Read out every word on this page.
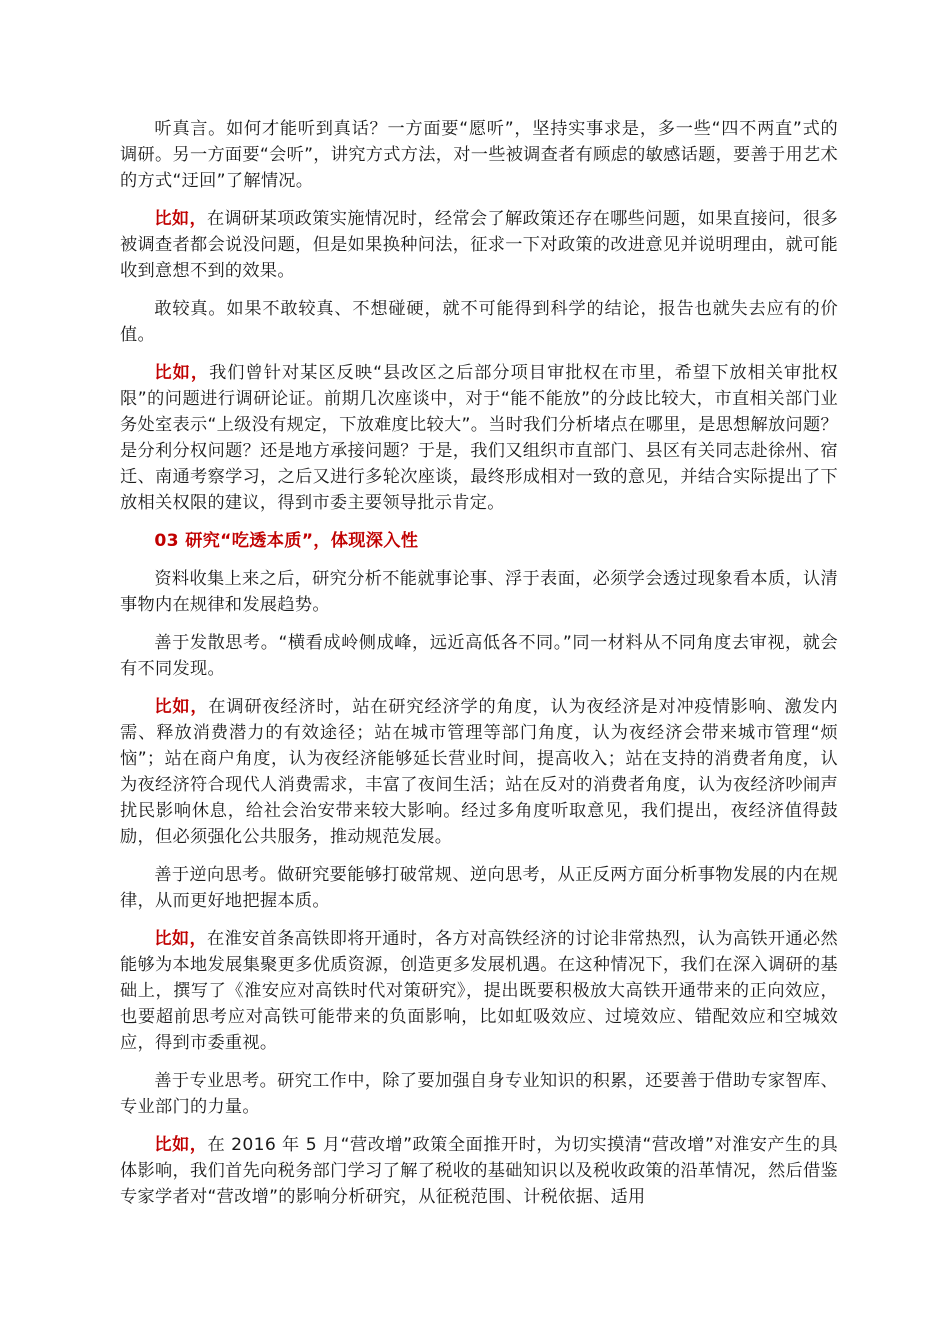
听真言。如何才能听到真话？一方面要“愿听”，坚持实事求是，多一些“四不两直”式的调研。另一方面要“会听”，讲究方式方法，对一些被调查者有顾虑的敏感话题，要善于用艺术的方式“迂回”了解情况。

比如，在调研某项政策实施情况时，经常会了解政策还存在哪些问题，如果直接问，很多被调查者都会说没问题，但是如果换种问法，征求一下对政策的改进意见并说明理由，就可能收到意想不到的效果。

敢较真。如果不敢较真、不想碰硬，就不可能得到科学的结论，报告也就失去应有的价值。

比如，我们曾针对某区反映“县改区之后部分项目审批权在市里，希望下放相关审批权限”的问题进行调研论证。前期几次座谈中，对于“能不能放”的分歧比较大，市直相关部门业务处室表示“上级没有规定，下放难度比较大”。当时我们分析堵点在哪里，是思想解放问题？是分利分权问题？还是地方承接问题？于是，我们又组织市直部门、县区有关同志赴徐州、宿迁、南通考察学习，之后又进行多轮次座谈，最终形成相对一致的意见，并结合实际提出了下放相关权限的建议，得到市委主要领导批示肯定。

03 研究“吃透本质”，体现深入性

资料收集上来之后，研究分析不能就事论事、浮于表面，必须学会透过现象看本质，认清事物内在规律和发展趋势。

善于发散思考。“横看成岭侧成峰，远近高低各不同。”同一材料从不同角度去审视，就会有不同发现。

比如，在调研夜经济时，站在研究经济学的角度，认为夜经济是对冲疫情影响、激发内需、释放消费潜力的有效途径；站在城市管理等部门角度，认为夜经济会带来城市管理“烦恼”；站在商户角度，认为夜经济能够延长营业时间，提高收入；站在支持的消费者角度，认为夜经济符合现代人消费需求，丰富了夜间生活；站在反对的消费者角度，认为夜经济吵闹声扰民影响休息，给社会治安带来较大影响。经过多角度听取意见，我们提出，夜经济值得鼓励，但必须强化公共服务，推动规范发展。

善于逆向思考。做研究要能够打破常规、逆向思考，从正反两方面分析事物发展的内在规律，从而更好地把握本质。

比如，在淮安首条高铁即将开通时，各方对高铁经济的讨论非常热烈，认为高铁开通必然能够为本地发展集聚更多优质资源，创造更多发展机遇。在这种情况下，我们在深入调研的基础上，撰写了《淮安应对高铁时代对策研究》，提出既要积极放大高铁开通带来的正向效应，也要超前思考应对高铁可能带来的负面影响，比如虹吸效应、过境效应、错配效应和空城效应，得到市委重视。

善于专业思考。研究工作中，除了要加强自身专业知识的积累，还要善于借助专家智库、专业部门的力量。

比如，在 2016 年 5 月“营改增”政策全面推开时，为切实摸清“营改增”对淮安产生的具体影响，我们首先向税务部门学习了解了税收的基础知识以及税收政策的沿革情况，然后借鉴专家学者对“营改增”的影响分析研究，从征税范围、计税依据、适用
